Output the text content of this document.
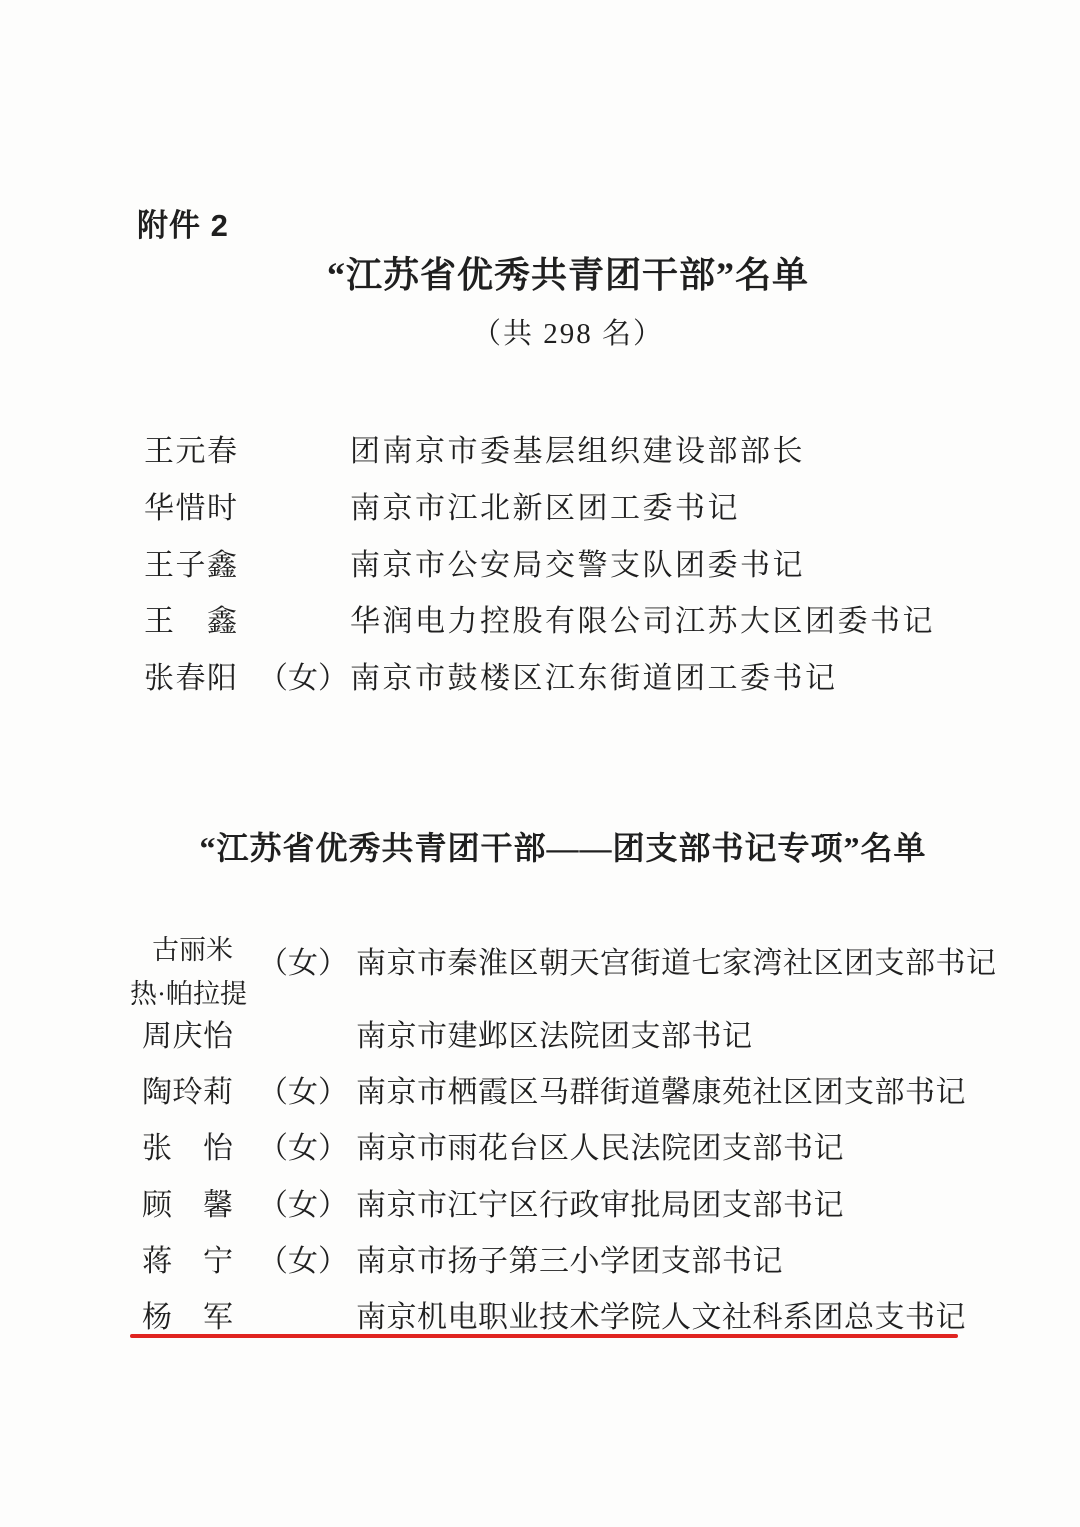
附件 2
“江苏省优秀共青团干部”名单
（共 298 名）
王元春	团南京市委基层组织建设部部长
华惜时	南京市江北新区团工委书记
王子鑫	南京市公安局交警支队团委书记
王　鑫	华润电力控股有限公司江苏大区团委书记
张春阳 （女） 南京市鼓楼区江东街道团工委书记
“江苏省优秀共青团干部——团支部书记专项”名单
古丽米
热·帕拉提
（女） 南京市秦淮区朝天宫街道七家湾社区团支部书记
周庆怡	南京市建邺区法院团支部书记
陶玲莉 （女） 南京市栖霞区马群街道馨康苑社区团支部书记
张　怡 （女） 南京市雨花台区人民法院团支部书记
顾　馨 （女） 南京市江宁区行政审批局团支部书记
蒋　宁 （女） 南京市扬子第三小学团支部书记
杨　军	南京机电职业技术学院人文社科系团总支书记
